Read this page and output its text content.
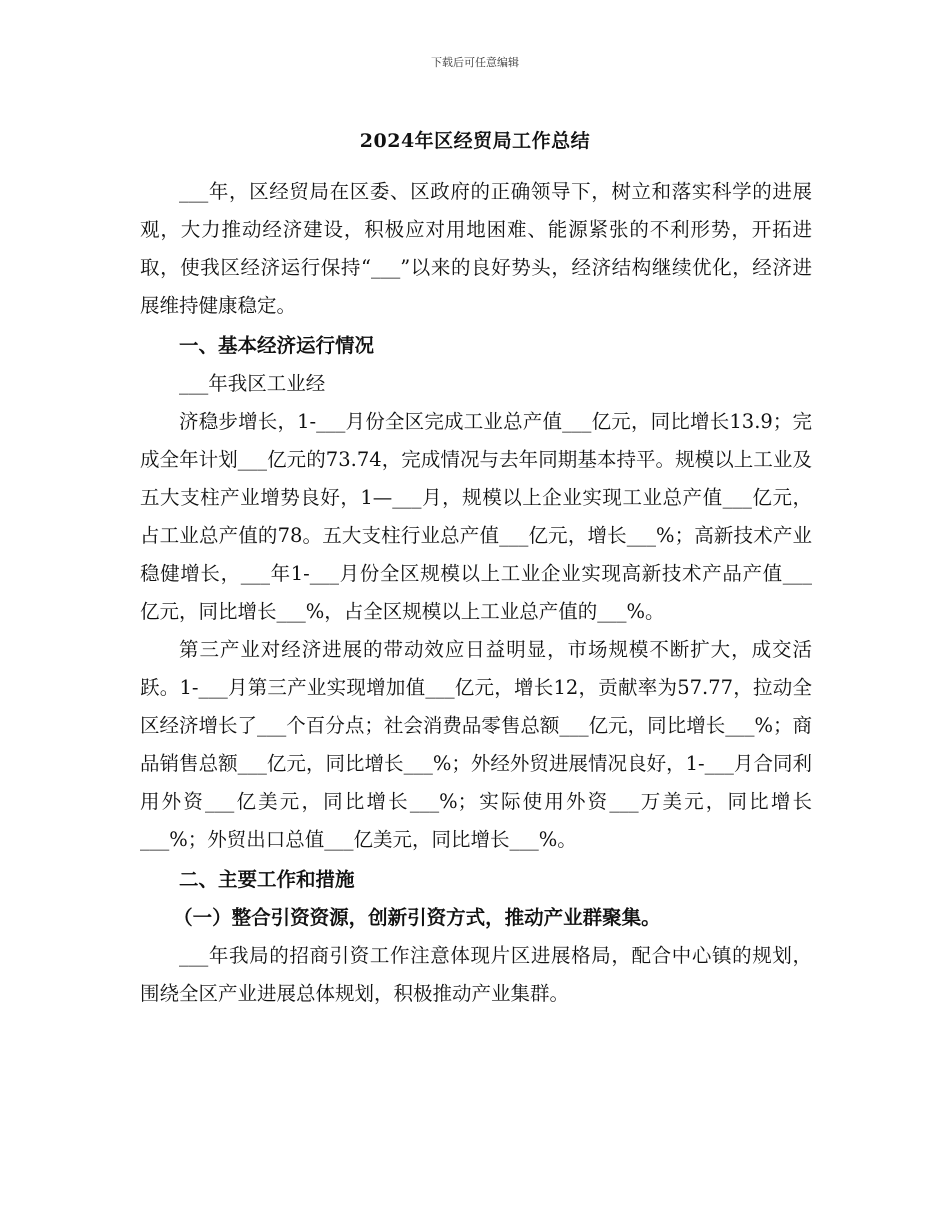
下载后可任意编辑
2024年区经贸局工作总结

___年，区经贸局在区委、区政府的正确领导下，树立和落实科学的进展观，大力推动经济建设，积极应对用地困难、能源紧张的不利形势，开拓进取，使我区经济运行保持“___”以来的良好势头，经济结构继续优化，经济进展维持健康稳定。

一、基本经济运行情况

___年我区工业经

济稳步增长，1-___月份全区完成工业总产值___亿元，同比增长13.9；完成全年计划___亿元的73.74，完成情况与去年同期基本持平。规模以上工业及五大支柱产业增势良好，1—___月，规模以上企业实现工业总产值___亿元，占工业总产值的78。五大支柱行业总产值___亿元，增长___%；高新技术产业稳健增长，___年1-___月份全区规模以上工业企业实现高新技术产品产值___亿元，同比增长___%，占全区规模以上工业总产值的___%。

第三产业对经济进展的带动效应日益明显，市场规模不断扩大，成交活跃。1-___月第三产业实现增加值___亿元，增长12，贡献率为57.77，拉动全区经济增长了___个百分点；社会消费品零售总额___亿元，同比增长___%；商品销售总额___亿元，同比增长___%；外经外贸进展情况良好，1-___月合同利用外资___亿美元，同比增长___%；实际使用外资___万美元，同比增长___%；外贸出口总值___亿美元，同比增长___%。

二、主要工作和措施
（一）整合引资资源，创新引资方式，推动产业群聚集。

___年我局的招商引资工作注意体现片区进展格局，配合中心镇的规划，围绕全区产业进展总体规划，积极推动产业集群。
